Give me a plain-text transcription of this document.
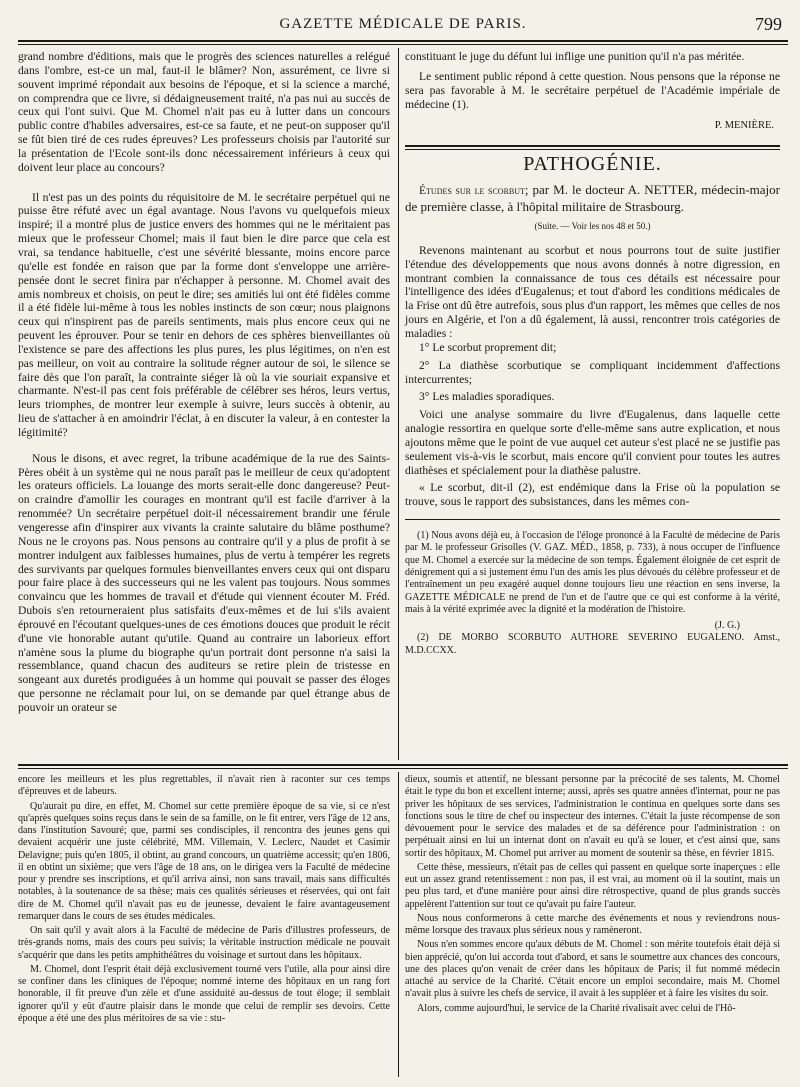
GAZETTE MÉDICALE DE PARIS.	799

grand nombre d'éditions, mais que le progrès des sciences naturelles a relégué dans l'ombre, est-ce un mal, faut-il le blâmer? Non, assurément, ce livre si souvent imprimé répondait aux besoins de l'époque, et si la science a marché, on comprendra que ce livre, si dédaigneusement traité, n'a pas nui au succès de ceux qui l'ont suivi. Que M. Chomel n'ait pas eu à lutter dans un concours public contre d'habiles adversaires, est-ce sa faute, et ne peut-on supposer qu'il se fût bien tiré de ces rudes épreuves? Les professeurs choisis par l'autorité sur la présentation de l'Ecole sont-ils donc nécessairement inférieurs à ceux qui doivent leur place au concours?

Il n'est pas un des points du réquisitoire de M. le secrétaire perpétuel qui ne puisse être réfuté avec un égal avantage. Nous l'avons vu quelquefois mieux inspiré; il a montré plus de justice envers des hommes qui ne le méritaient pas mieux que le professeur Chomel; mais il faut bien le dire parce que cela est vrai, sa tendance habituelle, c'est une sévérité blessante, moins encore parce qu'elle est fondée en raison que par la forme dont s'enveloppe une arrière-pensée dont le secret finira par n'échapper à personne. M. Chomel avait des amis nombreux et choisis, on peut le dire; ses amitiés lui ont été fidèles comme il a été fidèle lui-même à tous les nobles instincts de son cœur; nous plaignons ceux qui n'inspirent pas de pareils sentiments, mais plus encore ceux qui ne peuvent les éprouver. Pour se tenir en dehors de ces sphères bienveillantes où l'existence se pare des affections les plus pures, les plus légitimes, on n'en est pas meilleur, on voit au contraire la solitude régner autour de soi, le silence se faire dès que l'on paraît, la contrainte siéger là où la vie souriait expansive et charmante. N'est-il pas cent fois préférable de célébrer ses héros, leurs vertus, leurs triomphes, de montrer leur exemple à suivre, leurs succès à obtenir, au lieu de s'attacher à en amoindrir l'éclat, à en discuter la valeur, à en contester la légitimité?

Nous le disons, et avec regret, la tribune académique de la rue des Saints-Pères obéit à un système qui ne nous paraît pas le meilleur de ceux qu'adoptent les orateurs officiels. La louange des morts serait-elle donc dangereuse? Peut-on craindre d'amollir les courages en montrant qu'il est facile d'arriver à la renommée? Un secrétaire perpétuel doit-il nécessairement brandir une férule vengeresse afin d'inspirer aux vivants la crainte salutaire du blâme posthume? Nous ne le croyons pas. Nous pensons au contraire qu'il y a plus de profit à se montrer indulgent aux faiblesses humaines, plus de vertu à tempérer les regrets des survivants par quelques formules bienveillantes envers ceux qui ont disparu pour faire place à des successeurs qui ne les valent pas toujours. Nous sommes convaincu que les hommes de travail et d'étude qui viennent écouter M. Fréd. Dubois s'en retourneraient plus satisfaits d'eux-mêmes et de lui s'ils avaient éprouvé en l'écoutant quelques-unes de ces émotions douces que produit le récit d'une vie honorable autant qu'utile. Quand au contraire un laborieux effort n'amène sous la plume du biographe qu'un portrait dont personne n'a saisi la ressemblance, quand chacun des auditeurs se retire plein de tristesse en songeant aux duretés prodiguées à un homme qui pouvait se passer des éloges que personne ne réclamait pour lui, on se demande par quel étrange abus de pouvoir un orateur se

constituant le juge du défunt lui inflige une punition qu'il n'a pas méritée.

Le sentiment public répond à cette question. Nous pensons que la réponse ne sera pas favorable à M. le secrétaire perpétuel de l'Académie impériale de médecine (1).

P. MENIÈRE.
PATHOGÉNIE.

Études sur le scorbut; par M. le docteur A. NETTER, médecin-major de première classe, à l'hôpital militaire de Strasbourg.

(Suite. — Voir les nos 48 et 50.)

Revenons maintenant au scorbut et nous pourrons tout de suite justifier l'étendue des développements que nous avons donnés à notre digression, en montrant combien la connaissance de tous ces détails est nécessaire pour l'intelligence des idées d'Eugalenus; et tout d'abord les conditions médicales de la Frise ont dû être autrefois, sous plus d'un rapport, les mêmes que celles de nos jours en Algérie, et l'on a dû également, là aussi, rencontrer trois catégories de maladies :

1° Le scorbut proprement dit;

2° La diathèse scorbutique se compliquant incidemment d'affections intercurrentes;

3° Les maladies sporadiques.

Voici une analyse sommaire du livre d'Eugalenus, dans laquelle cette analogie ressortira en quelque sorte d'elle-même sans autre explication, et nous ajoutons même que le point de vue auquel cet auteur s'est placé ne se justifie pas seulement vis-à-vis le scorbut, mais encore qu'il convient pour toutes les autres diathèses et spécialement pour la diathèse palustre.

« Le scorbut, dit-il (2), est endémique dans la Frise où la population se trouve, sous le rapport des subsistances, dans les mêmes con-

(1) Nous avons déjà eu, à l'occasion de l'éloge prononcé à la Faculté de médecine de Paris par M. le professeur Grisolles (V. GAZ. MÉD., 1858, p. 733), à nous occuper de l'influence que M. Chomel a exercée sur la médecine de son temps. Également éloignée de cet esprit de dénigrement qui a si justement ému l'un des amis les plus dévoués du célèbre professeur et de l'entraînement un peu exagéré auquel donne toujours lieu une réaction en sens inverse, la GAZETTE MÉDICALE ne prend de l'un et de l'autre que ce qui est conforme à la vérité, mais à la vérité exprimée avec la dignité et la modération de l'histoire.

(J. G.)

(2) DE MORBO SCORBUTO AUTHORE SEVERINO EUGALENO. Amst., M.D.CCXX.

encore les meilleurs et les plus regrettables, il n'avait rien à raconter sur ces temps d'épreuves et de labeurs.

Qu'aurait pu dire, en effet, M. Chomel sur cette première époque de sa vie, si ce n'est qu'après quelques soins reçus dans le sein de sa famille, on le fit entrer, vers l'âge de 12 ans, dans l'institution Savouré; que, parmi ses condisciples, il rencontra des jeunes gens qui devaient acquérir une juste célébrité, MM. Villemain, V. Leclerc, Naudet et Casimir Delavigne; puis qu'en 1805, il obtint, au grand concours, un quatrième accessit; qu'en 1806, il en obtint un sixième; que vers l'âge de 18 ans, on le dirigea vers la Faculté de médecine pour y prendre ses inscriptions, et qu'il arriva ainsi, non sans travail, mais sans difficultés notables, à la soutenance de sa thèse; mais ces qualités sérieuses et réservées, qui ont fait dire de M. Chomel qu'il n'avait pas eu de jeunesse, devaient le faire avantageusement remarquer dans le cours de ses études médicales.

On sait qu'il y avait alors à la Faculté de médecine de Paris d'illustres professeurs, de très-grands noms, mais des cours peu suivis; la véritable instruction médicale ne pouvait s'acquérir que dans les petits amphithéâtres du voisinage et surtout dans les hôpitaux.

M. Chomel, dont l'esprit était déjà exclusivement tourné vers l'utile, alla pour ainsi dire se confiner dans les cliniques de l'époque; nommé interne des hôpitaux en un rang fort honorable, il fit preuve d'un zèle et d'une assiduité au-dessus de tout éloge; il semblait ignorer qu'il y eût d'autre plaisir dans le monde que celui de remplir ses devoirs. Cette époque a été une des plus méritoires de sa vie : stu-

dieux, soumis et attentif, ne blessant personne par la précocité de ses talents, M. Chomel était le type du bon et excellent interne; aussi, après ses quatre années d'internat, pour ne pas priver les hôpitaux de ses services, l'administration le continua en quelques sorte dans ses fonctions sous le titre de chef ou inspecteur des internes. C'était la juste récompense de son dévouement pour le service des malades et de sa déférence pour l'administration : on perpétuait ainsi en lui un internat dont on n'avait eu qu'à se louer, et c'est ainsi que, sans sortir des hôpitaux, M. Chomel put arriver au moment de soutenir sa thèse, en février 1815.

Cette thèse, messieurs, n'était pas de celles qui passent en quelque sorte inaperçues : elle eut un assez grand retentissement : non pas, il est vrai, au moment où il la soutint, mais un peu plus tard, et d'une manière pour ainsi dire rétrospective, quand de plus grands succès appelèrent l'attention sur tout ce qu'avait pu faire l'auteur.

Nous nous conformerons à cette marche des événements et nous y reviendrons nous-même lorsque des travaux plus sérieux nous y ramèneront.

Nous n'en sommes encore qu'aux débuts de M. Chomel : son mérite toutefois était déjà si bien apprécié, qu'on lui accorda tout d'abord, et sans le soumettre aux chances des concours, une des places qu'on venait de créer dans les hôpitaux de Paris; il fut nommé médecin attaché au service de la Charité. C'était encore un emploi secondaire, mais M. Chomel n'avait plus à suivre les chefs de service, il avait à les suppléer et à faire les visites du soir.

Alors, comme aujourd'hui, le service de la Charité rivalisait avec celui de l'Hô-
